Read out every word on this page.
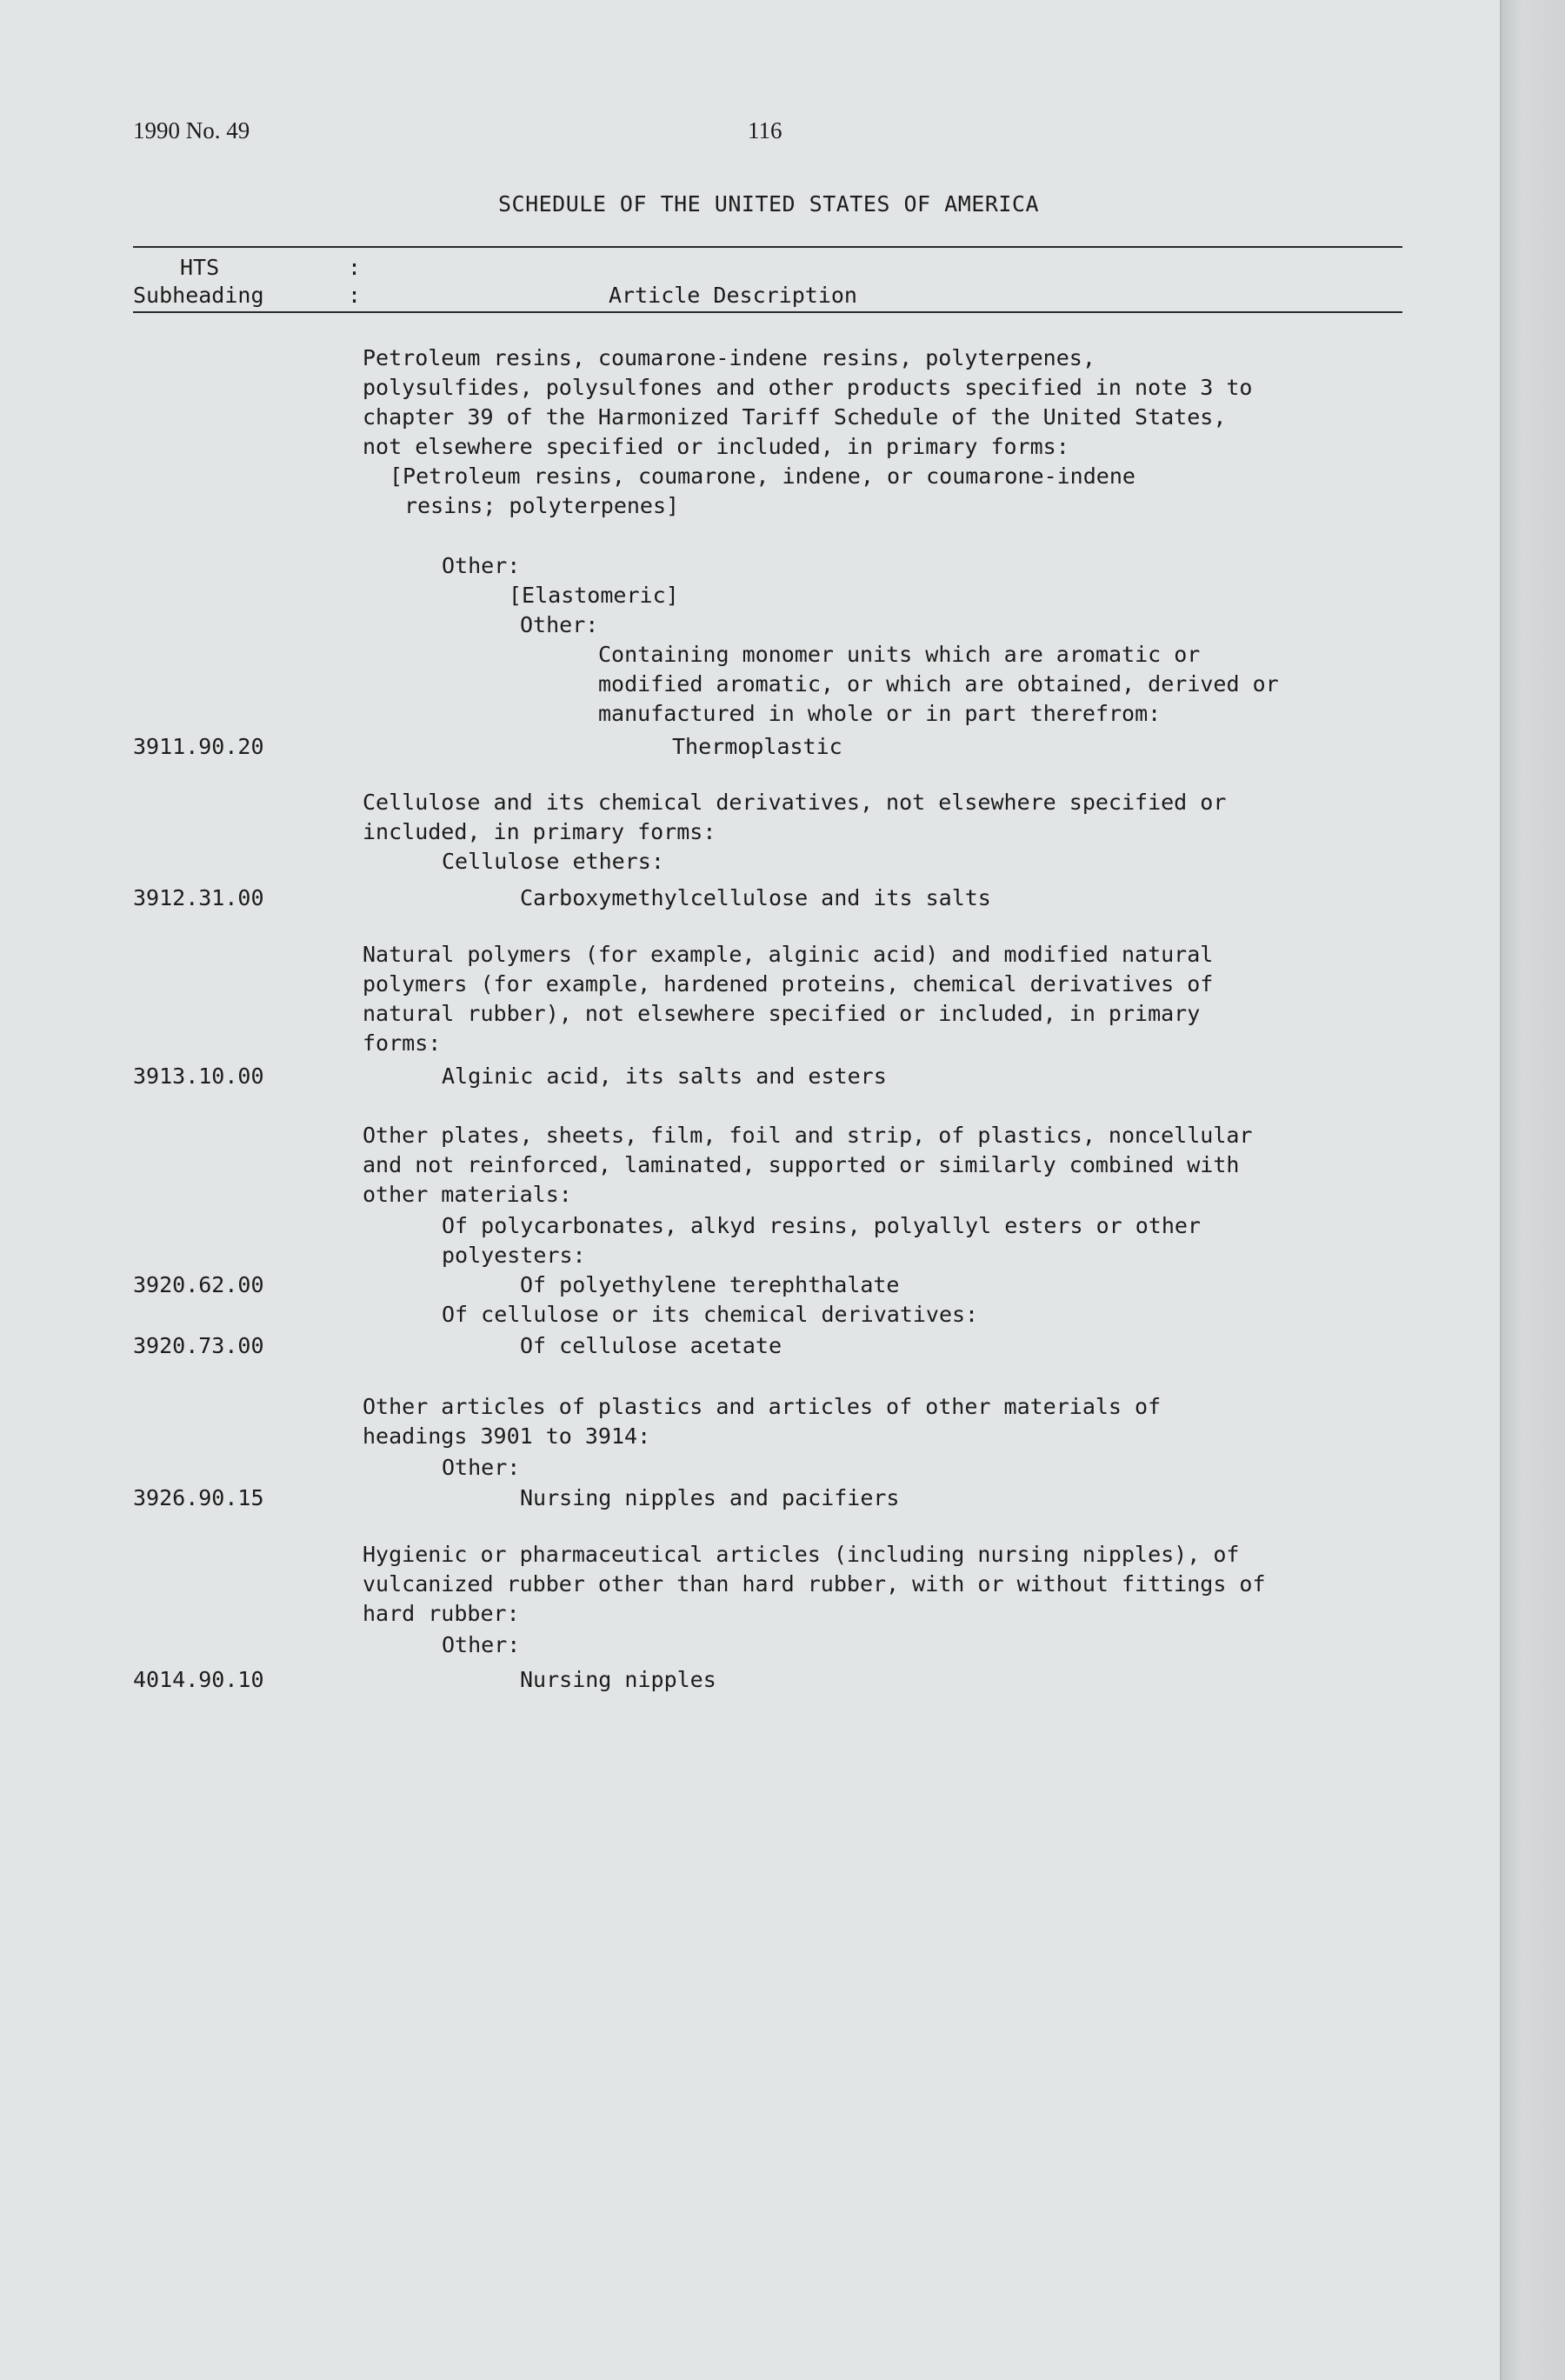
1990 No. 49	116
SCHEDULE OF THE UNITED STATES OF AMERICA
HTS	:
Subheading	:	Article Description
Petroleum resins, coumarone-indene resins, polyterpenes,
polysulfides, polysulfones and other products specified in note 3 to
chapter 39 of the Harmonized Tariff Schedule of the United States,
not elsewhere specified or included, in primary forms:
[Petroleum resins, coumarone, indene, or coumarone-indene
resins; polyterpenes]
Other:
[Elastomeric]
Other:
Containing monomer units which are aromatic or
modified aromatic, or which are obtained, derived or
manufactured in whole or in part therefrom:
3911.90.20	Thermoplastic
Cellulose and its chemical derivatives, not elsewhere specified or
included, in primary forms:
Cellulose ethers:
3912.31.00	Carboxymethylcellulose and its salts
Natural polymers (for example, alginic acid) and modified natural
polymers (for example, hardened proteins, chemical derivatives of
natural rubber), not elsewhere specified or included, in primary
forms:
3913.10.00	Alginic acid, its salts and esters
Other plates, sheets, film, foil and strip, of plastics, noncellular
and not reinforced, laminated, supported or similarly combined with
other materials:
Of polycarbonates, alkyd resins, polyallyl esters or other
polyesters:
3920.62.00	Of polyethylene terephthalate
Of cellulose or its chemical derivatives:
3920.73.00	Of cellulose acetate
Other articles of plastics and articles of other materials of
headings 3901 to 3914:
Other:
3926.90.15	Nursing nipples and pacifiers
Hygienic or pharmaceutical articles (including nursing nipples), of
vulcanized rubber other than hard rubber, with or without fittings of
hard rubber:
Other:
4014.90.10	Nursing nipples
